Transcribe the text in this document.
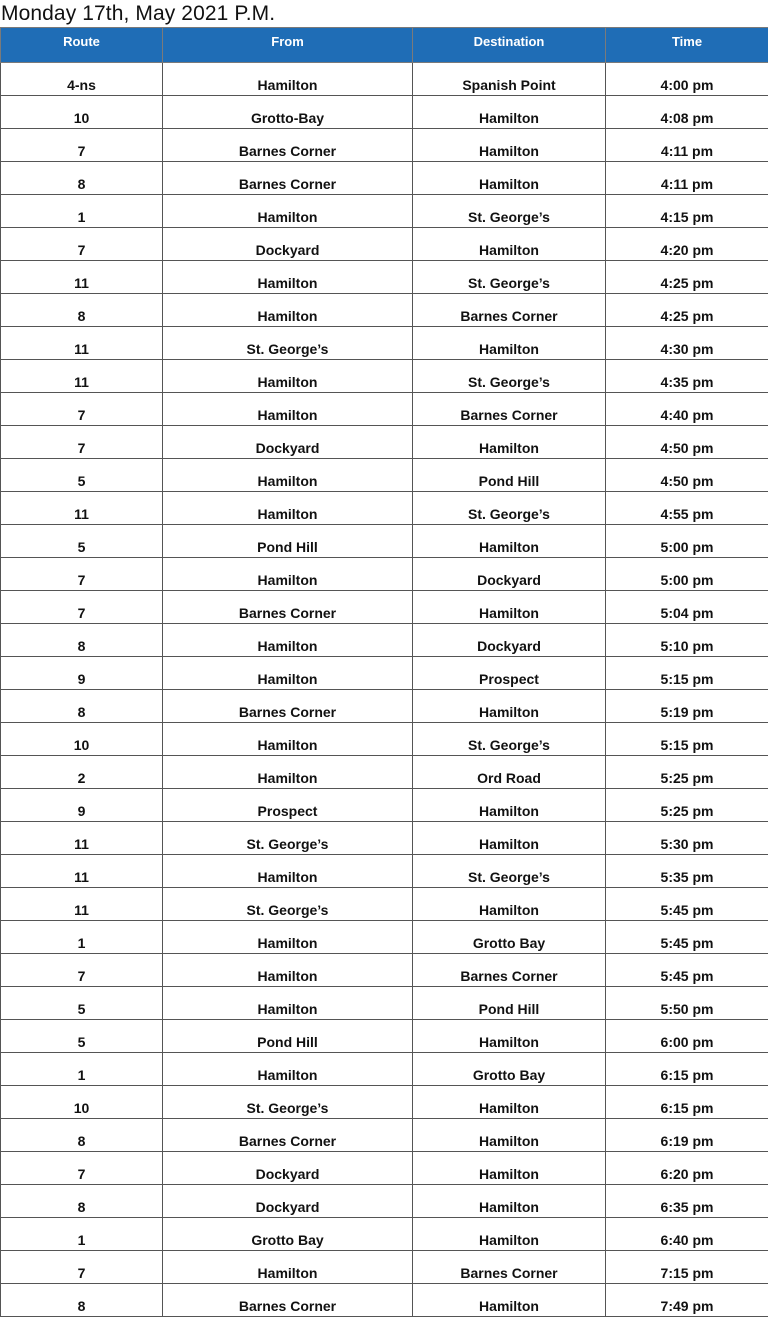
Monday 17th, May 2021 P.M.
Route	From	Destination	Time
4-ns	Hamilton	Spanish Point	4:00 pm
10	Grotto-Bay	Hamilton	4:08 pm
7	Barnes Corner	Hamilton	4:11 pm
8	Barnes Corner	Hamilton	4:11 pm
1	Hamilton	St. George’s	4:15 pm
7	Dockyard	Hamilton	4:20 pm
11	Hamilton	St. George’s	4:25 pm
8	Hamilton	Barnes Corner	4:25 pm
11	St. George’s	Hamilton	4:30 pm
11	Hamilton	St. George’s	4:35 pm
7	Hamilton	Barnes Corner	4:40 pm
7	Dockyard	Hamilton	4:50 pm
5	Hamilton	Pond Hill	4:50 pm
11	Hamilton	St. George’s	4:55 pm
5	Pond Hill	Hamilton	5:00 pm
7	Hamilton	Dockyard	5:00 pm
7	Barnes Corner	Hamilton	5:04 pm
8	Hamilton	Dockyard	5:10 pm
9	Hamilton	Prospect	5:15 pm
8	Barnes Corner	Hamilton	5:19 pm
10	Hamilton	St. George’s	5:15 pm
2	Hamilton	Ord Road	5:25 pm
9	Prospect	Hamilton	5:25 pm
11	St. George’s	Hamilton	5:30 pm
11	Hamilton	St. George’s	5:35 pm
11	St. George’s	Hamilton	5:45 pm
1	Hamilton	Grotto Bay	5:45 pm
7	Hamilton	Barnes Corner	5:45 pm
5	Hamilton	Pond Hill	5:50 pm
5	Pond Hill	Hamilton	6:00 pm
1	Hamilton	Grotto Bay	6:15 pm
10	St. George’s	Hamilton	6:15 pm
8	Barnes Corner	Hamilton	6:19 pm
7	Dockyard	Hamilton	6:20 pm
8	Dockyard	Hamilton	6:35 pm
1	Grotto Bay	Hamilton	6:40 pm
7	Hamilton	Barnes Corner	7:15 pm
8	Barnes Corner	Hamilton	7:49 pm
